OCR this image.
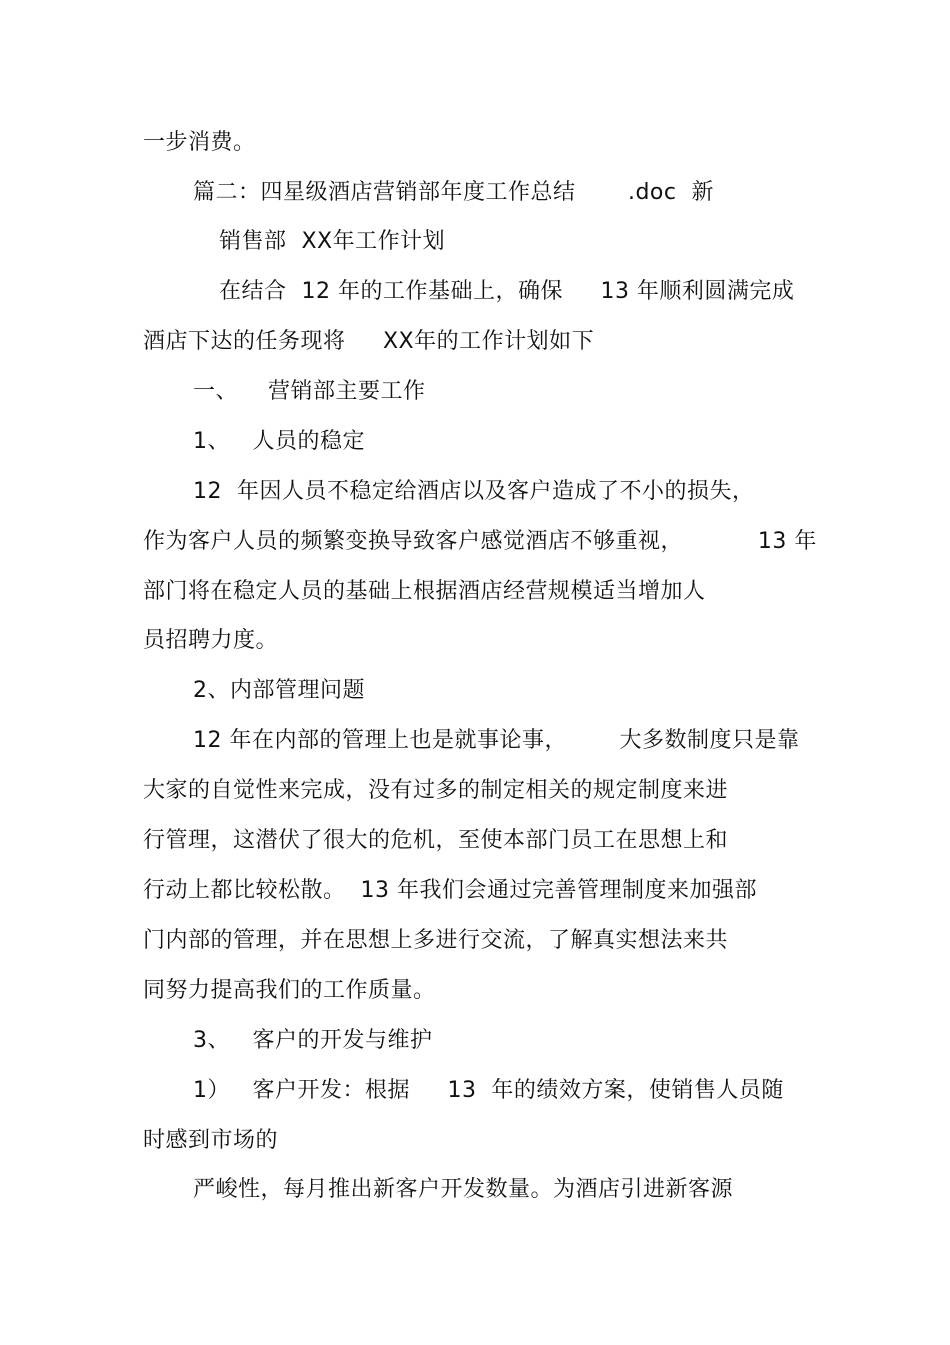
一步消费。
篇二：四星级酒店营销部年度工作总结       .doc  新
销售部  XX年工作计划
在结合  12 年的工作基础上，确保     13 年顺利圆满完成
酒店下达的任务现将     XX年的工作计划如下
一、    营销部主要工作
1、   人员的稳定
12  年因人员不稳定给酒店以及客户造成了不小的损失，
作为客户人员的频繁变换导致客户感觉酒店不够重视，          13 年
部门将在稳定人员的基础上根据酒店经营规模适当增加人
员招聘力度。
2、内部管理问题
12 年在内部的管理上也是就事论事，       大多数制度只是靠
大家的自觉性来完成，没有过多的制定相关的规定制度来进
行管理，这潜伏了很大的危机，至使本部门员工在思想上和
行动上都比较松散。  13 年我们会通过完善管理制度来加强部
门内部的管理，并在思想上多进行交流，了解真实想法来共
同努力提高我们的工作质量。
3、   客户的开发与维护
1）   客户开发：根据     13  年的绩效方案，使销售人员随
时感到市场的
严峻性，每月推出新客户开发数量。为酒店引进新客源
